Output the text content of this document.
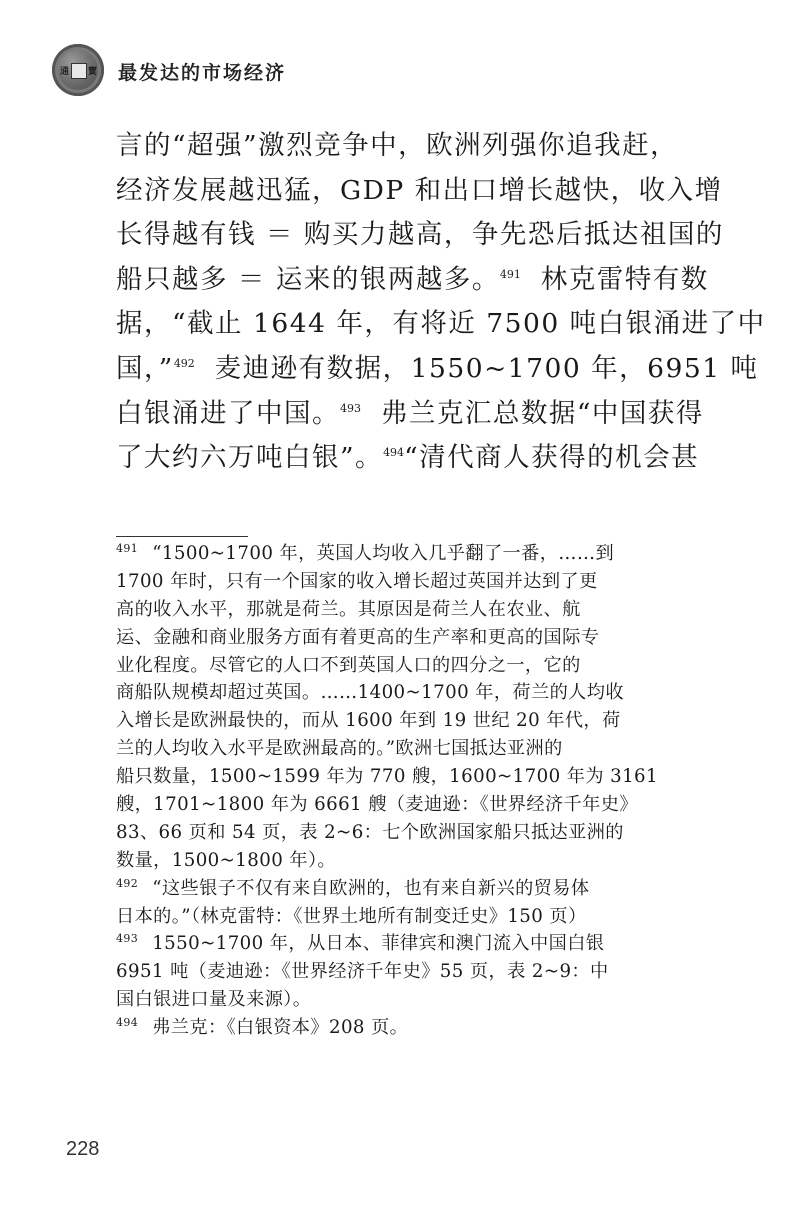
通 寶 最发达的市场经济
言的“超强”激烈竞争中，欧洲列强你追我赶，
经济发展越迅猛，GDP 和出口增长越快，收入增
长得越有钱 ＝ 购买力越高，争先恐后抵达祖国的
船只越多 ＝ 运来的银两越多。$^{491}$  林克雷特有数
据，“截止 1644 年，有将近 7500 吨白银涌进了中
国，”$^{492}$  麦迪逊有数据，1550~1700 年，6951 吨
白银涌进了中国。$^{493}$  弗兰克汇总数据“中国获得
了大约六万吨白银”。$^{494}$“清代商人获得的机会甚
$^{491}$ “1500~1700 年，英国人均收入几乎翻了一番，……到
1700 年时，只有一个国家的收入增长超过英国并达到了更
高的收入水平，那就是荷兰。其原因是荷兰人在农业、航
运、金融和商业服务方面有着更高的生产率和更高的国际专
业化程度。尽管它的人口不到英国人口的四分之一，它的
商船队规模却超过英国。……1400~1700 年，荷兰的人均收
入增长是欧洲最快的，而从 1600 年到 19 世纪 20 年代，荷
兰的人均收入水平是欧洲最高的。”欧洲七国抵达亚洲的
船只数量，1500~1599 年为 770 艘，1600~1700 年为 3161
艘，1701~1800 年为 6661 艘（麦迪逊：《世界经济千年史》
83、66 页和 54 页，表 2~6：七个欧洲国家船只抵达亚洲的
数量，1500~1800 年）。
$^{492}$ “这些银子不仅有来自欧洲的，也有来自新兴的贸易体
日本的。”（林克雷特：《世界土地所有制变迁史》150 页）
$^{493}$ 1550~1700 年，从日本、菲律宾和澳门流入中国白银
6951 吨（麦迪逊：《世界经济千年史》55 页，表 2~9：中
国白银进口量及来源）。
$^{494}$ 弗兰克：《白银资本》208 页。
228
